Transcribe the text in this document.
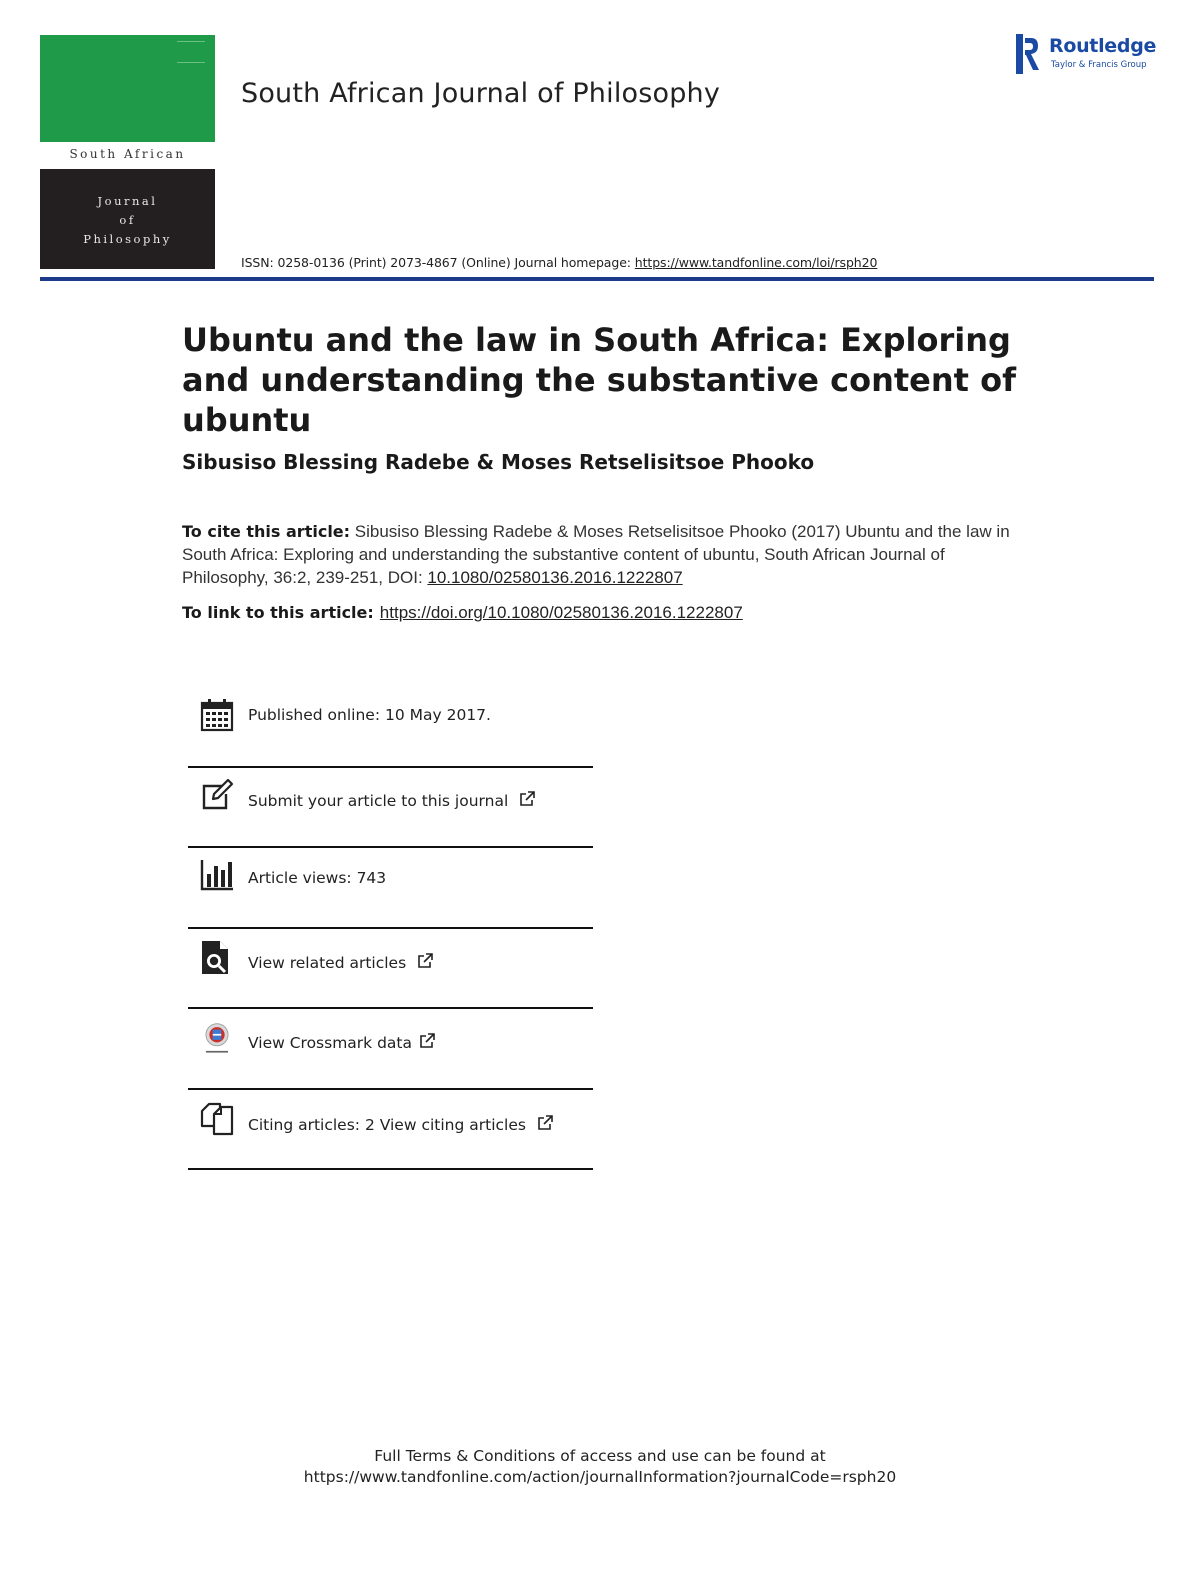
South African
Journal
of
Philosophy
South African Journal of Philosophy
Routledge
Taylor & Francis Group
ISSN: 0258-0136 (Print) 2073-4867 (Online) Journal homepage: https://www.tandfonline.com/loi/rsph20
Ubuntu and the law in South Africa: Exploring and understanding the substantive content of ubuntu
Sibusiso Blessing Radebe & Moses Retselisitsoe Phooko
To cite this article: Sibusiso Blessing Radebe & Moses Retselisitsoe Phooko (2017) Ubuntu and the law in South Africa: Exploring and understanding the substantive content of ubuntu, South African Journal of Philosophy, 36:2, 239-251, DOI: 10.1080/02580136.2016.1222807
To link to this article: https://doi.org/10.1080/02580136.2016.1222807
Published online: 10 May 2017.
Submit your article to this journal
Article views: 743
View related articles
View Crossmark data
Citing articles: 2 View citing articles
Full Terms & Conditions of access and use can be found at
https://www.tandfonline.com/action/journalInformation?journalCode=rsph20
